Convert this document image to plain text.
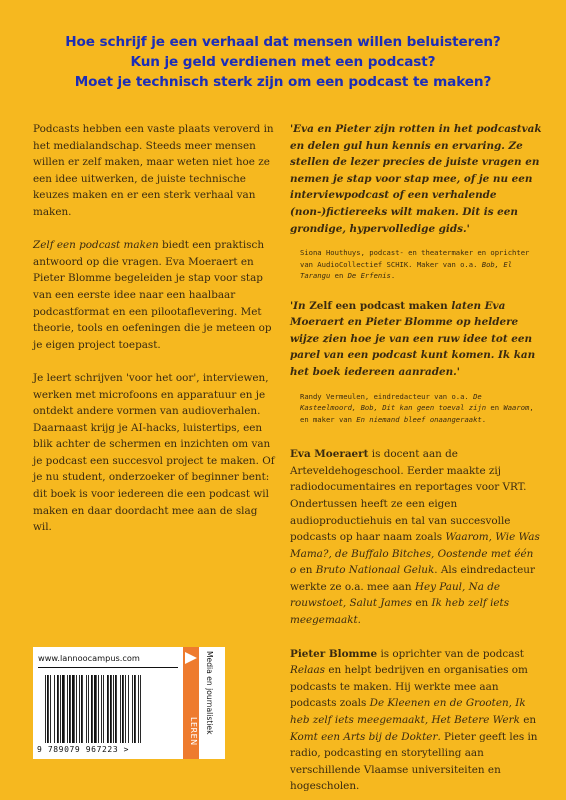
Hoe schrijf je een verhaal dat mensen willen beluisteren?
Kun je geld verdienen met een podcast?
Moet je technisch sterk zijn om een podcast te maken?

Podcasts hebben een vaste plaats veroverd in het medialandschap. Steeds meer mensen willen er zelf maken, maar weten niet hoe ze een idee uitwerken, de juiste technische keuzes maken en er een sterk verhaal van maken.

Zelf een podcast maken biedt een praktisch antwoord op die vragen. Eva Moeraert en Pieter Blomme begeleiden je stap voor stap van een eerste idee naar een haalbaar podcastformat en een pilootaflevering. Met theorie, tools en oefeningen die je meteen op je eigen project toepast.

Je leert schrijven 'voor het oor', interviewen, werken met microfoons en apparatuur en je ontdekt andere vormen van audioverhalen. Daarnaast krijg je AI-hacks, luistertips, een blik achter de schermen en inzichten om van je podcast een succesvol project te maken. Of je nu student, onderzoeker of beginner bent: dit boek is voor iedereen die een podcast wil maken en daar doordacht mee aan de slag wil.

'Eva en Pieter zijn rotten in het podcastvak en delen gul hun kennis en ervaring. Ze stellen de lezer precies de juiste vragen en nemen je stap voor stap mee, of je nu een interviewpodcast of een verhalende (non-)fictiereeks wilt maken. Dit is een grondige, hypervolledige gids.'

Siona Houthuys, podcast- en theatermaker en oprichter van AudioCollectief SCHIK. Maker van o.a. Bob, El Tarangu en De Erfenis.

'In Zelf een podcast maken laten Eva Moeraert en Pieter Blomme op heldere wijze zien hoe je van een ruw idee tot een parel van een podcast kunt komen. Ik kan het boek iedereen aanraden.'

Randy Vermeulen, eindredacteur van o.a. De Kasteelmoord, Bob, Dit kan geen toeval zijn en Waarom, en maker van En niemand bleef onaangeraakt.

Eva Moeraert is docent aan de Arteveldehogeschool. Eerder maakte zij radiodocumentaires en reportages voor VRT. Ondertussen heeft ze een eigen audioproductiehuis en tal van succesvolle podcasts op haar naam zoals Waarom, Wie Was Mama?, de Buffalo Bitches, Oostende met één o en Bruto Nationaal Geluk. Als eindredacteur werkte ze o.a. mee aan Hey Paul, Na de rouwstoet, Salut James en Ik heb zelf iets meegemaakt.

Pieter Blomme is oprichter van de podcast Relaas en helpt bedrijven en organisaties om podcasts te maken. Hij werkte mee aan podcasts zoals De Kleenen en de Grooten, Ik heb zelf iets meegemaakt, Het Betere Werk en Komt een Arts bij de Dokter. Pieter geeft les in radio, podcasting en storytelling aan verschillende Vlaamse universiteiten en hogescholen.

www.lannoocampus.com
9 789079 967223 >
LEREN Media en journalistiek
